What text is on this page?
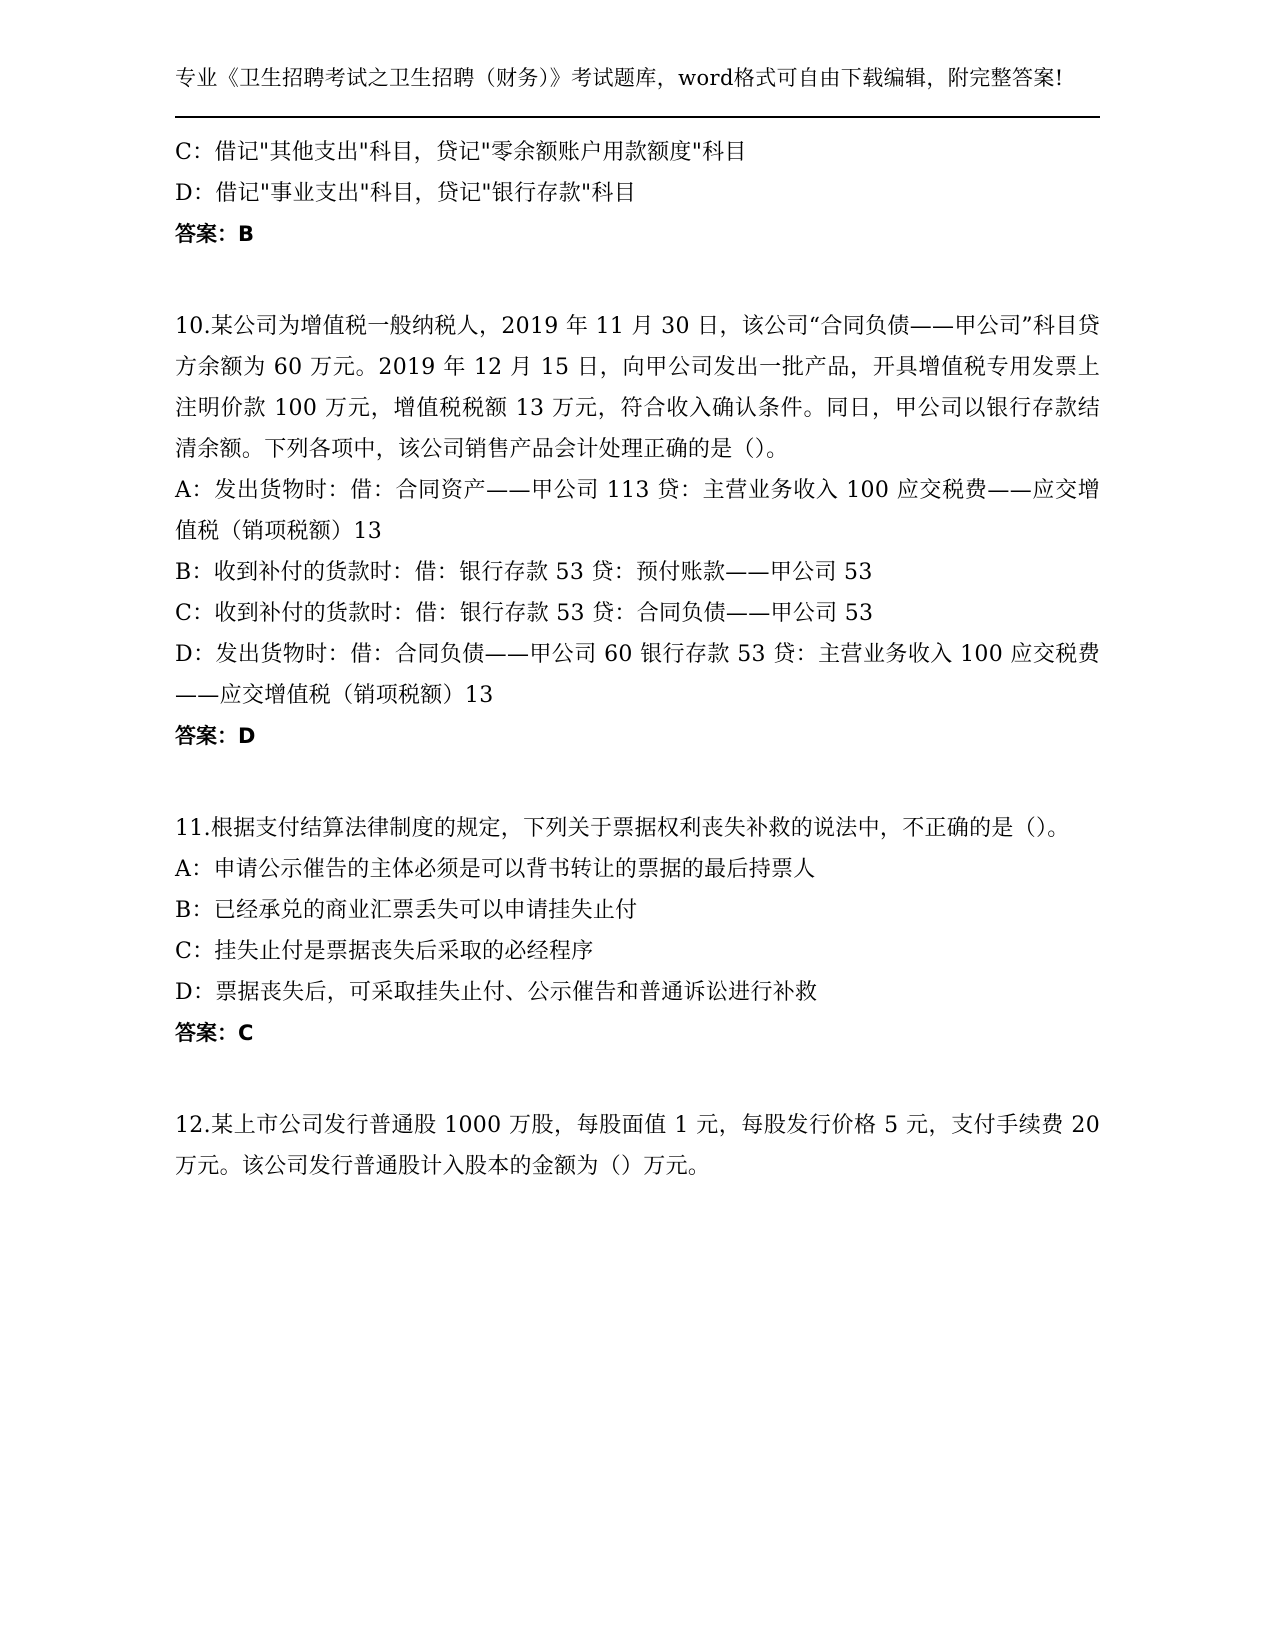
专业《卫生招聘考试之卫生招聘（财务）》考试题库，word格式可自由下载编辑，附完整答案!

C：借记"其他支出"科目，贷记"零余额账户用款额度"科目

D：借记"事业支出"科目，贷记"银行存款"科目

答案：B

10.某公司为增值税一般纳税人，2019 年 11 月 30 日，该公司“合同负债——甲公司”科目贷方余额为 60 万元。2019 年 12 月 15 日，向甲公司发出一批产品，开具增值税专用发票上注明价款 100 万元，增值税税额 13 万元，符合收入确认条件。同日，甲公司以银行存款结清余额。下列各项中，该公司销售产品会计处理正确的是（）。

A：发出货物时：借：合同资产——甲公司 113 贷：主营业务收入 100 应交税费——应交增值税（销项税额）13

B：收到补付的货款时：借：银行存款 53 贷：预付账款——甲公司 53

C：收到补付的货款时：借：银行存款 53 贷：合同负债——甲公司 53

D：发出货物时：借：合同负债——甲公司 60 银行存款 53 贷：主营业务收入 100 应交税费——应交增值税（销项税额）13

答案：D

11.根据支付结算法律制度的规定，下列关于票据权利丧失补救的说法中，不正确的是（）。

A：申请公示催告的主体必须是可以背书转让的票据的最后持票人

B：已经承兑的商业汇票丢失可以申请挂失止付

C：挂失止付是票据丧失后采取的必经程序

D：票据丧失后，可采取挂失止付、公示催告和普通诉讼进行补救

答案：C

12.某上市公司发行普通股 1000 万股，每股面值 1 元，每股发行价格 5 元，支付手续费 20 万元。该公司发行普通股计入股本的金额为（）万元。
